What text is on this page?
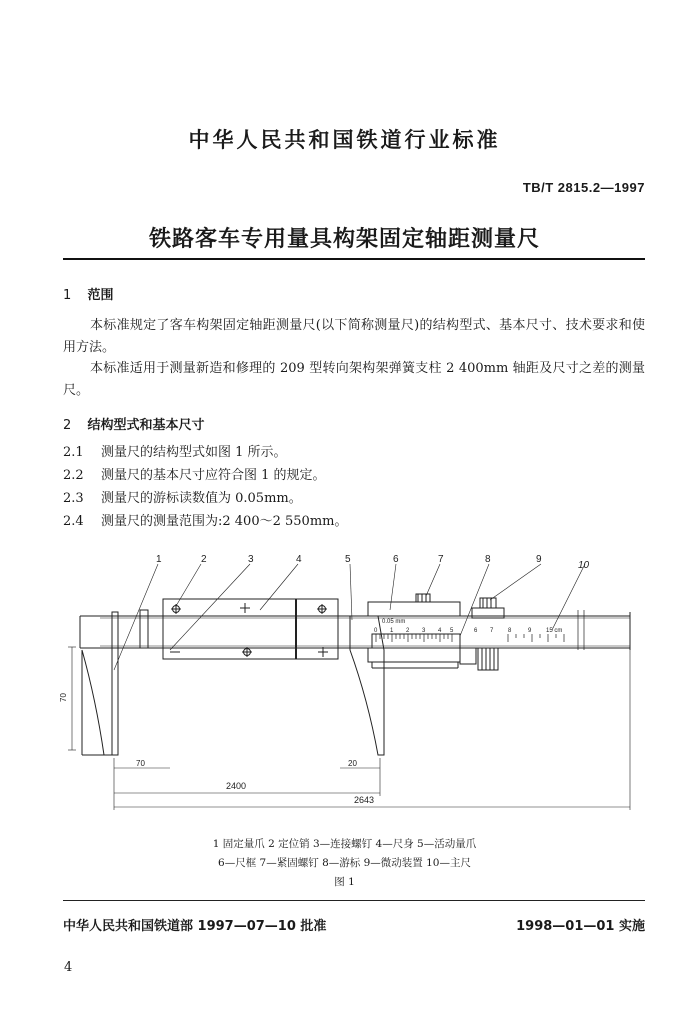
中华人民共和国铁道行业标准
TB/T 2815.2—1997
铁路客车专用量具构架固定轴距测量尺
1 范围
本标准规定了客车构架固定轴距测量尺(以下简称测量尺)的结构型式、基本尺寸、技术要求和使用方法。
本标准适用于测量新造和修理的 209 型转向架构架弹簧支柱 2 400mm 轴距及尺寸之差的测量尺。
2 结构型式和基本尺寸
2.1 测量尺的结构型式如图 1 所示。
2.2 测量尺的基本尺寸应符合图 1 的规定。
2.3 测量尺的游标读数值为 0.05mm。
2.4 测量尺的测量范围为:2 400～2 550mm。
1	2	3	4	5	6	7	8	9
10
0.05 mm
0 1 2 3 4 5	6 7 8	9 15 cm
70
70	20
2400
2643
1 固定量爪 2 定位销 3—连接螺钉 4—尺身 5—活动量爪
6—尺框 7—紧固螺钉 8—游标 9—微动装置 10—主尺
图 1
中华人民共和国铁道部 1997—07—10 批准	1998—01—01 实施
4
